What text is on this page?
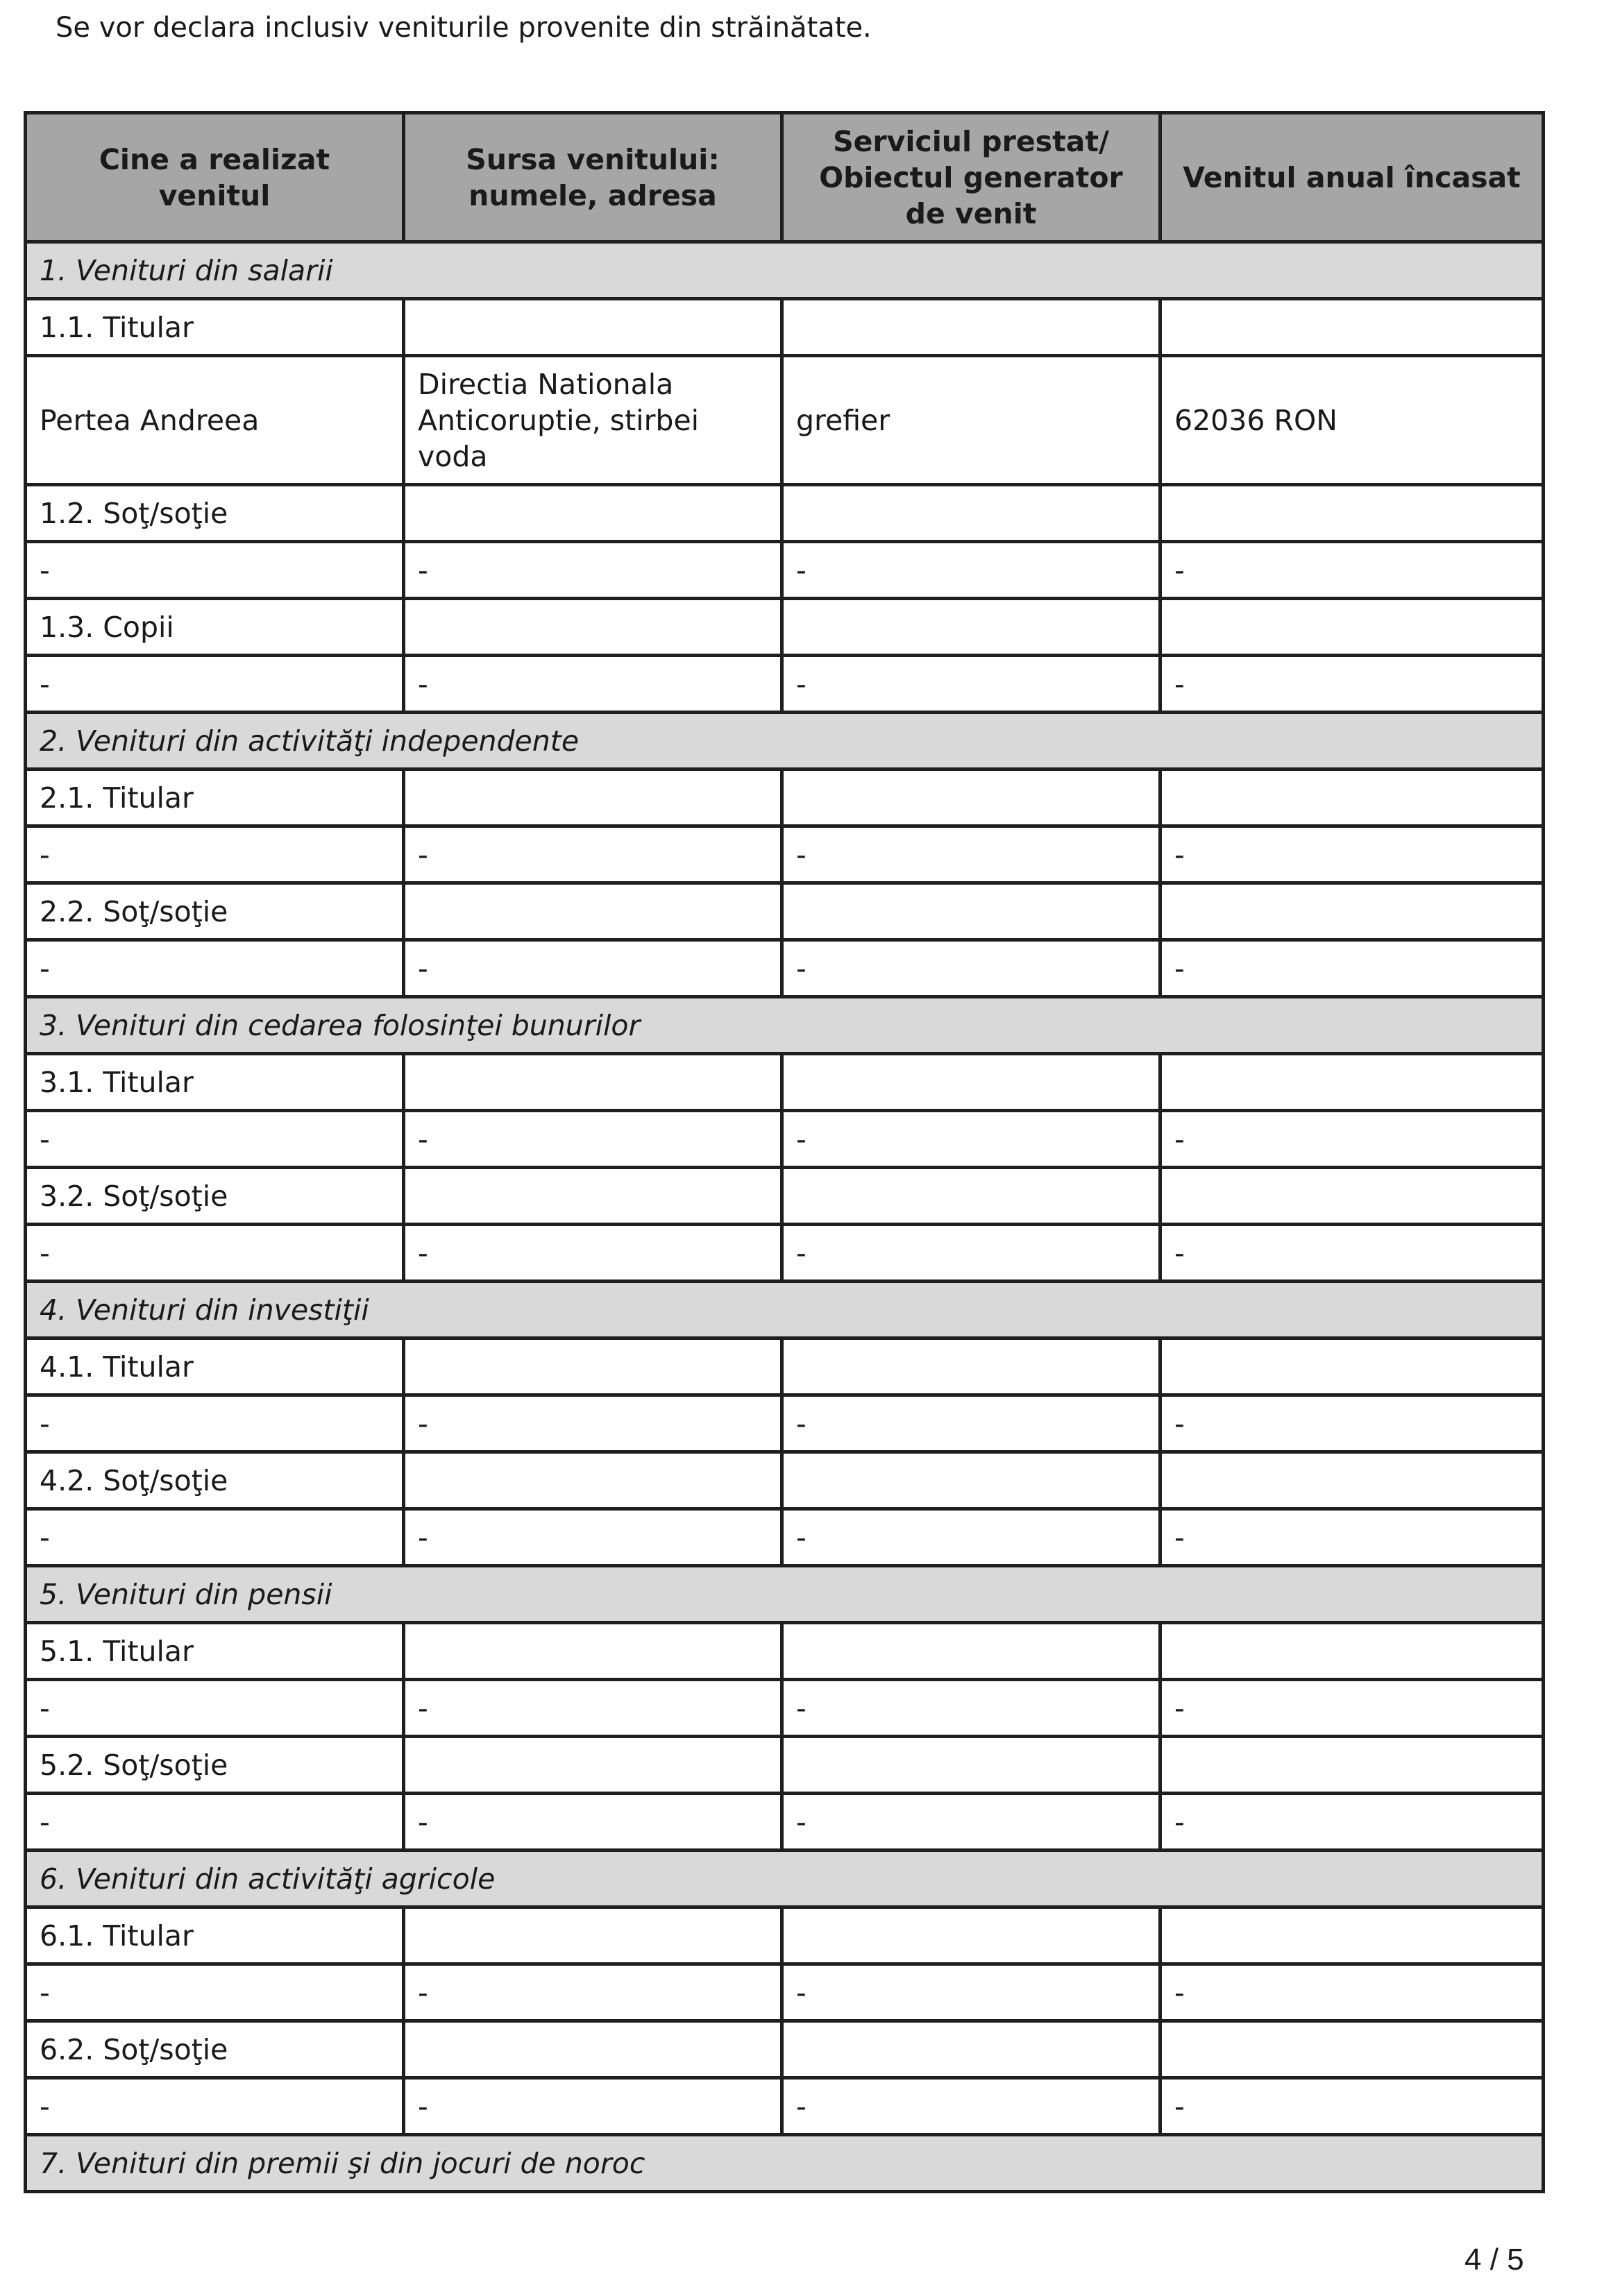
Se vor declara inclusiv veniturile provenite din străinătate.
Cine a realizat venitul	Sursa venitului: numele, adresa	Serviciul prestat/ Obiectul generator de venit	Venitul anual încasat
1. Venituri din salarii			
1.1. Titular			
Pertea Andreea	Directia Nationala Anticoruptie, stirbei voda	grefier	62036 RON
1.2. Soţ/soţie			
-	-	-	-
1.3. Copii			
-	-	-	-
2. Venituri din activităţi independente			
2.1. Titular			
-	-	-	-
2.2. Soţ/soţie			
-	-	-	-
3. Venituri din cedarea folosinţei bunurilor			
3.1. Titular			
-	-	-	-
3.2. Soţ/soţie			
-	-	-	-
4. Venituri din investiţii			
4.1. Titular			
-	-	-	-
4.2. Soţ/soţie			
-	-	-	-
5. Venituri din pensii			
5.1. Titular			
-	-	-	-
5.2. Soţ/soţie			
-	-	-	-
6. Venituri din activităţi agricole			
6.1. Titular			
-	-	-	-
6.2. Soţ/soţie			
-	-	-	-
7. Venituri din premii şi din jocuri de noroc			
4 / 5
